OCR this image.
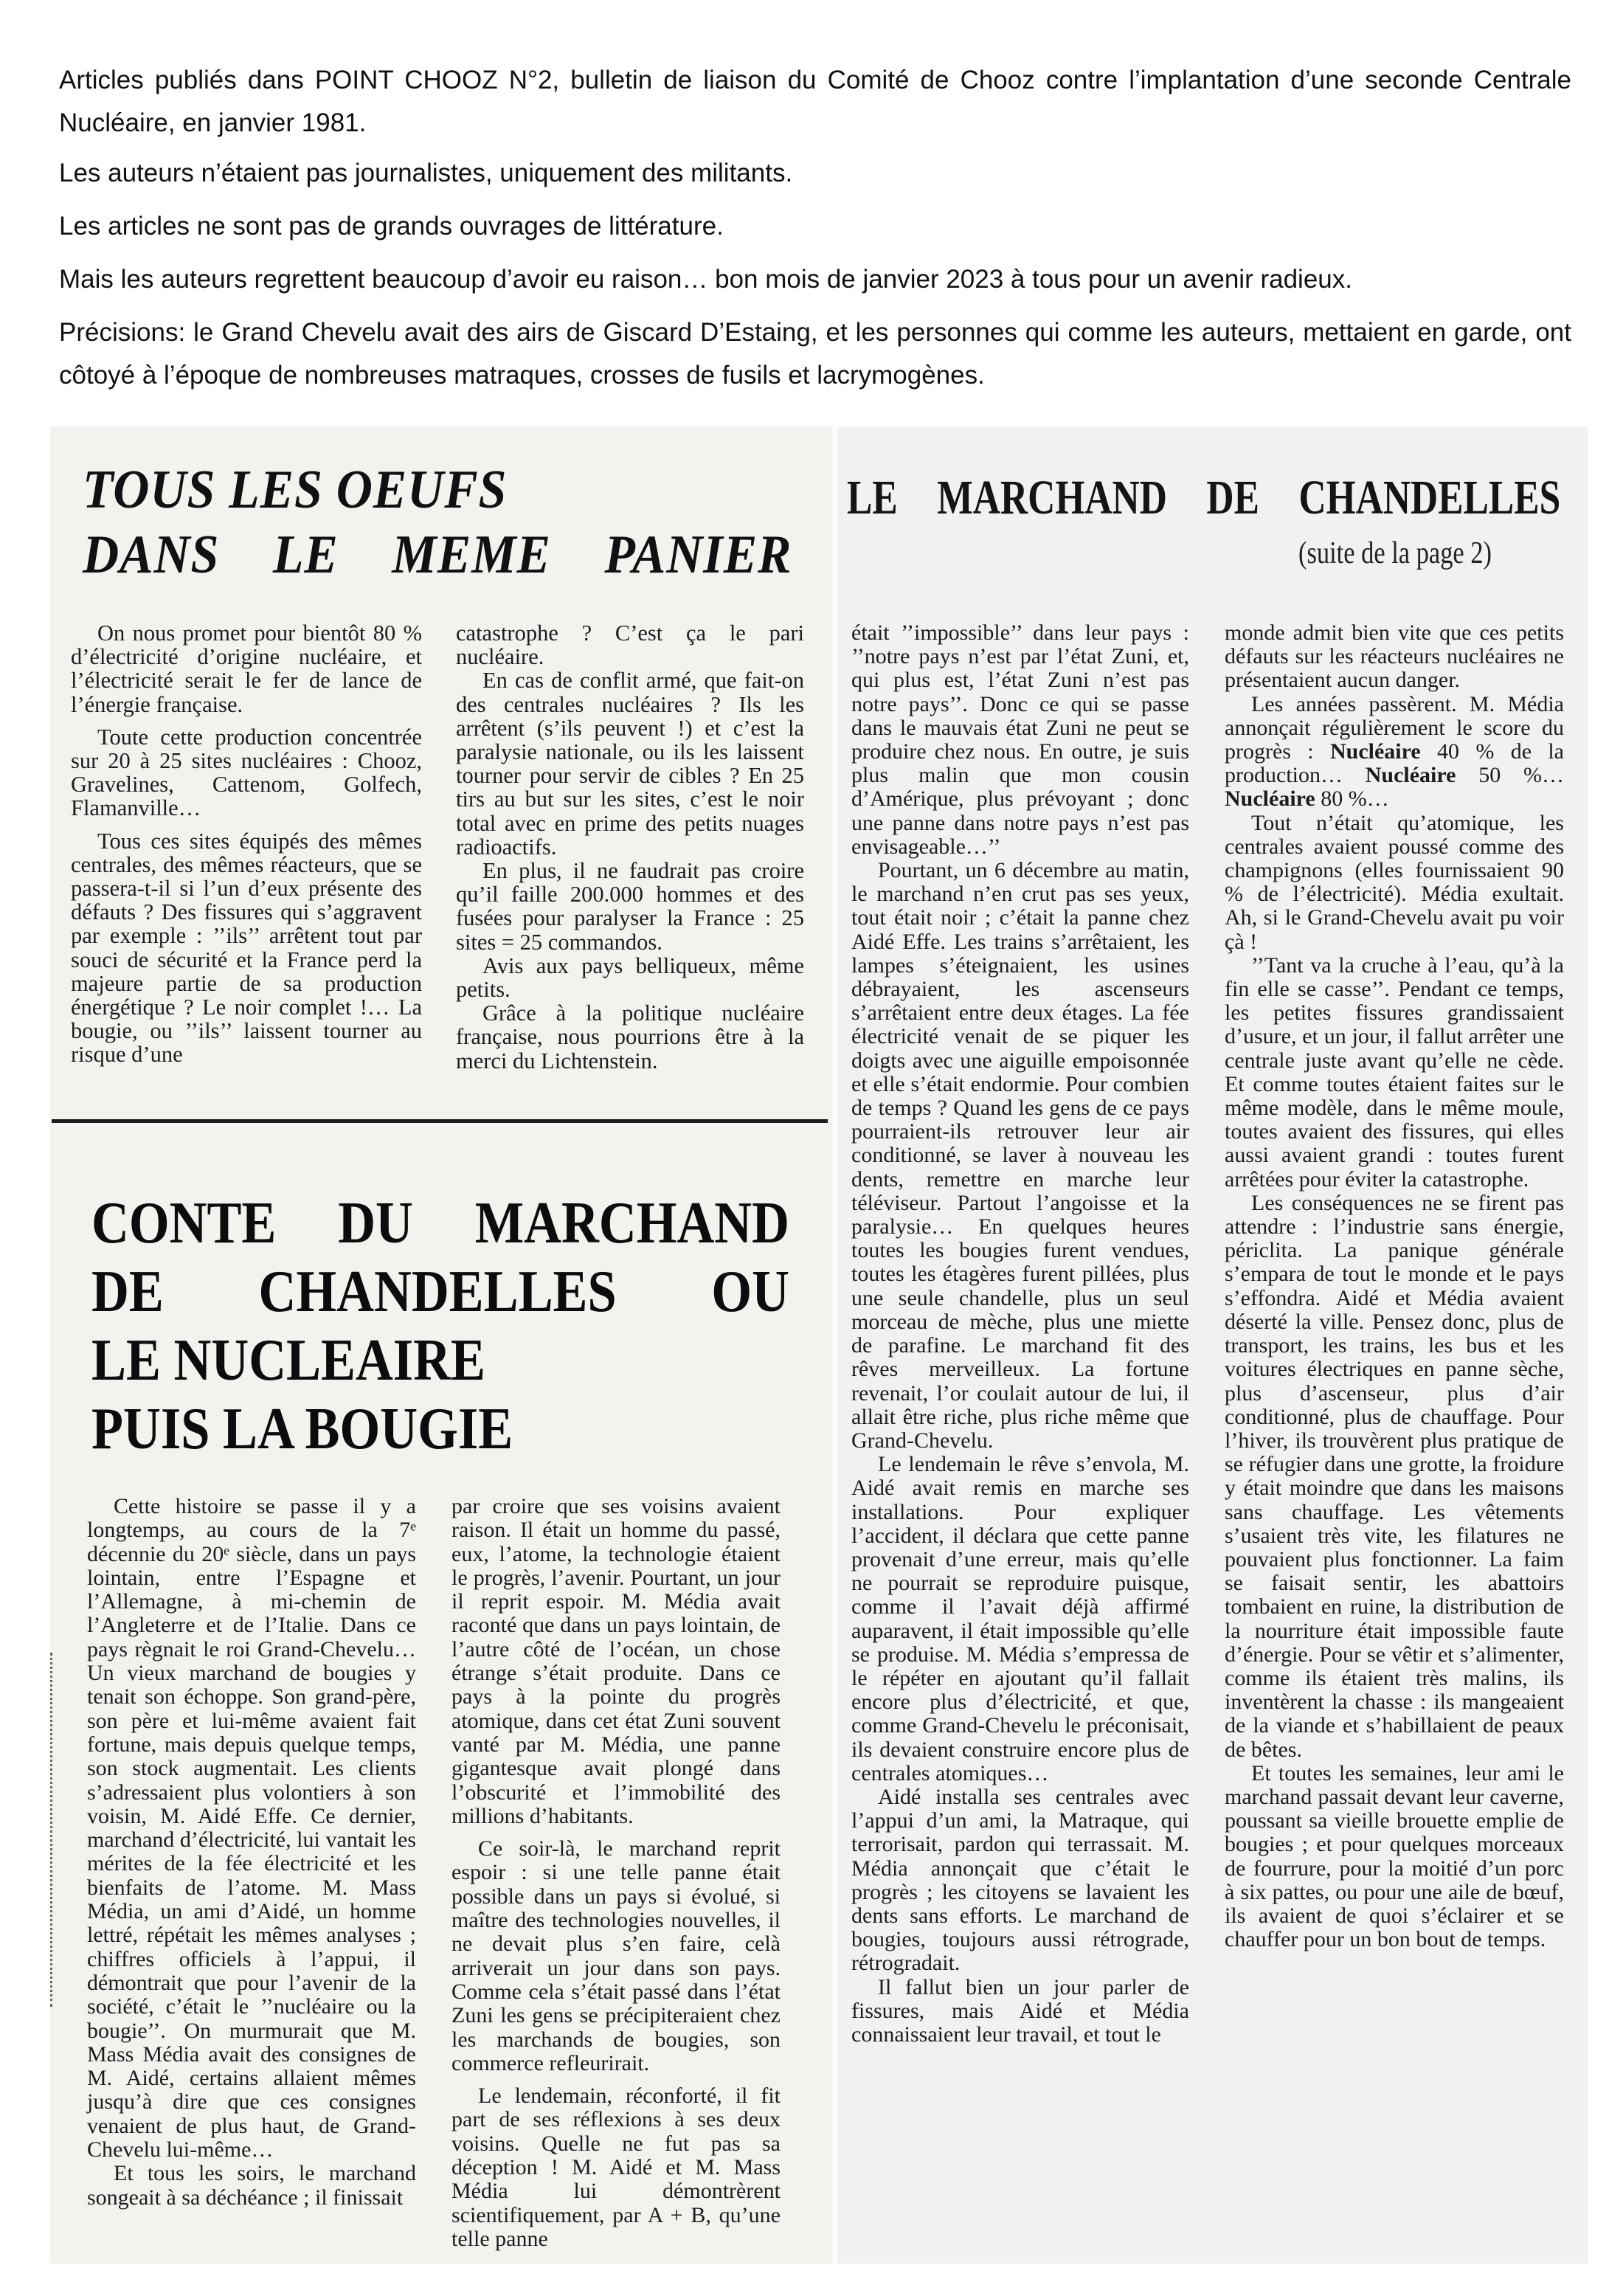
Articles publiés dans POINT CHOOZ N°2, bulletin de liaison du Comité de Chooz contre l’implantation d’une seconde Centrale Nucléaire, en janvier 1981.

Les auteurs n’étaient pas journalistes, uniquement des militants.

Les articles ne sont pas de grands ouvrages de littérature.

Mais les auteurs regrettent beaucoup d’avoir eu raison… bon mois de janvier 2023 à tous pour un avenir radieux.

Précisions: le Grand Chevelu avait des airs de Giscard D’Estaing, et les personnes qui comme les auteurs, mettaient en garde, ont côtoyé à l’époque de nombreuses matraques, crosses de fusils et lacrymogènes.

TOUS LES OEUFS
DANS LE MEME PANIER

On nous promet pour bientôt 80 % d’électricité d’origine nucléaire, et l’électricité serait le fer de lance de l’énergie française.

Toute cette production concentrée sur 20 à 25 sites nucléaires : Chooz, Gravelines, Cattenom, Golfech, Flamanville…

Tous ces sites équipés des mêmes centrales, des mêmes réacteurs, que se passera-t-il si l’un d’eux présente des défauts ? Des fissures qui s’aggravent par exemple : ’’ils’’ arrêtent tout par souci de sécurité et la France perd la majeure partie de sa production énergétique ? Le noir complet !… La bougie, ou ’’ils’’ laissent tourner au risque d’une

catastrophe ? C’est ça le pari nucléaire.

En cas de conflit armé, que fait-on des centrales nucléaires ? Ils les arrêtent (s’ils peuvent !) et c’est la paralysie nationale, ou ils les laissent tourner pour servir de cibles ? En 25 tirs au but sur les sites, c’est le noir total avec en prime des petits nuages radioactifs.

En plus, il ne faudrait pas croire qu’il faille 200.000 hommes et des fusées pour paralyser la France : 25 sites = 25 commandos.

Avis aux pays belliqueux, même petits.

Grâce à la politique nucléaire française, nous pourrions être à la merci du Lichtenstein.

CONTE DU MARCHAND
DE CHANDELLES OU
LE NUCLEAIRE
PUIS LA BOUGIE

Cette histoire se passe il y a longtemps, au cours de la 7ᵉ décennie du 20ᵉ siècle, dans un pays lointain, entre l’Espagne et l’Allemagne, à mi-chemin de l’Angleterre et de l’Italie. Dans ce pays règnait le roi Grand-Chevelu… Un vieux marchand de bougies y tenait son échoppe. Son grand-père, son père et lui-même avaient fait fortune, mais depuis quelque temps, son stock augmentait. Les clients s’adressaient plus volontiers à son voisin, M. Aidé Effe. Ce dernier, marchand d’électricité, lui vantait les mérites de la fée électricité et les bienfaits de l’atome. M. Mass Média, un ami d’Aidé, un homme lettré, répétait les mêmes analyses ; chiffres officiels à l’appui, il démontrait que pour l’avenir de la société, c’était le ’’nucléaire ou la bougie’’. On murmurait que M. Mass Média avait des consignes de M. Aidé, certains allaient mêmes jusqu’à dire que ces consignes venaient de plus haut, de Grand-Chevelu lui-même…

Et tous les soirs, le marchand songeait à sa déchéance ; il finissait

par croire que ses voisins avaient raison. Il était un homme du passé, eux, l’atome, la technologie étaient le progrès, l’avenir. Pourtant, un jour il reprit espoir. M. Média avait raconté que dans un pays lointain, de l’autre côté de l’océan, un chose étrange s’était produite. Dans ce pays à la pointe du progrès atomique, dans cet état Zuni souvent vanté par M. Média, une panne gigantesque avait plongé dans l’obscurité et l’immobilité des millions d’habitants.

Ce soir-là, le marchand reprit espoir : si une telle panne était possible dans un pays si évolué, si maître des technologies nouvelles, il ne devait plus s’en faire, celà arriverait un jour dans son pays. Comme cela s’était passé dans l’état Zuni les gens se précipiteraient chez les marchands de bougies, son commerce refleurirait.

Le lendemain, réconforté, il fit part de ses réflexions à ses deux voisins. Quelle ne fut pas sa déception ! M. Aidé et M. Mass Média lui démontrèrent scientifiquement, par A + B, qu’une telle panne

LE MARCHAND DE CHANDELLES
(suite de la page 2)

était ’’impossible’’ dans leur pays : ’’notre pays n’est par l’état Zuni, et, qui plus est, l’état Zuni n’est pas notre pays’’. Donc ce qui se passe dans le mauvais état Zuni ne peut se produire chez nous. En outre, je suis plus malin que mon cousin d’Amérique, plus prévoyant ; donc une panne dans notre pays n’est pas envisageable…’’

Pourtant, un 6 décembre au matin, le marchand n’en crut pas ses yeux, tout était noir ; c’était la panne chez Aidé Effe. Les trains s’arrêtaient, les lampes s’éteignaient, les usines débrayaient, les ascenseurs s’arrêtaient entre deux étages. La fée électricité venait de se piquer les doigts avec une aiguille empoisonnée et elle s’était endormie. Pour combien de temps ? Quand les gens de ce pays pourraient-ils retrouver leur air conditionné, se laver à nouveau les dents, remettre en marche leur téléviseur. Partout l’angoisse et la paralysie… En quelques heures toutes les bougies furent vendues, toutes les étagères furent pillées, plus une seule chandelle, plus un seul morceau de mèche, plus une miette de parafine. Le marchand fit des rêves merveilleux. La fortune revenait, l’or coulait autour de lui, il allait être riche, plus riche même que Grand-Chevelu.

Le lendemain le rêve s’envola, M. Aidé avait remis en marche ses installations. Pour expliquer l’accident, il déclara que cette panne provenait d’une erreur, mais qu’elle ne pourrait se reproduire puisque, comme il l’avait déjà affirmé auparavent, il était impossible qu’elle se produise. M. Média s’empressa de le répéter en ajoutant qu’il fallait encore plus d’électricité, et que, comme Grand-Chevelu le préconisait, ils devaient construire encore plus de centrales atomiques…

Aidé installa ses centrales avec l’appui d’un ami, la Matraque, qui terrorisait, pardon qui terrassait. M. Média annonçait que c’était le progrès ; les citoyens se lavaient les dents sans efforts. Le marchand de bougies, toujours aussi rétrograde, rétrogradait.

Il fallut bien un jour parler de fissures, mais Aidé et Média connaissaient leur travail, et tout le

monde admit bien vite que ces petits défauts sur les réacteurs nucléaires ne présentaient aucun danger.

Les années passèrent. M. Média annonçait régulièrement le score du progrès : Nucléaire 40 % de la production… Nucléaire 50 %… Nucléaire 80 %…

Tout n’était qu’atomique, les centrales avaient poussé comme des champignons (elles fournissaient 90 % de l’électricité). Média exultait. Ah, si le Grand-Chevelu avait pu voir çà !

’’Tant va la cruche à l’eau, qu’à la fin elle se casse’’. Pendant ce temps, les petites fissures grandissaient d’usure, et un jour, il fallut arrêter une centrale juste avant qu’elle ne cède. Et comme toutes étaient faites sur le même modèle, dans le même moule, toutes avaient des fissures, qui elles aussi avaient grandi : toutes furent arrêtées pour éviter la catastrophe.

Les conséquences ne se firent pas attendre : l’industrie sans énergie, périclita. La panique générale s’empara de tout le monde et le pays s’effondra. Aidé et Média avaient déserté la ville. Pensez donc, plus de transport, les trains, les bus et les voitures électriques en panne sèche, plus d’ascenseur, plus d’air conditionné, plus de chauffage. Pour l’hiver, ils trouvèrent plus pratique de se réfugier dans une grotte, la froidure y était moindre que dans les maisons sans chauffage. Les vêtements s’usaient très vite, les filatures ne pouvaient plus fonctionner. La faim se faisait sentir, les abattoirs tombaient en ruine, la distribution de la nourriture était impossible faute d’énergie. Pour se vêtir et s’alimenter, comme ils étaient très malins, ils inventèrent la chasse : ils mangeaient de la viande et s’habillaient de peaux de bêtes.

Et toutes les semaines, leur ami le marchand passait devant leur caverne, poussant sa vieille brouette emplie de bougies ; et pour quelques morceaux de fourrure, pour la moitié d’un porc à six pattes, ou pour une aile de bœuf, ils avaient de quoi s’éclairer et se chauffer pour un bon bout de temps.
